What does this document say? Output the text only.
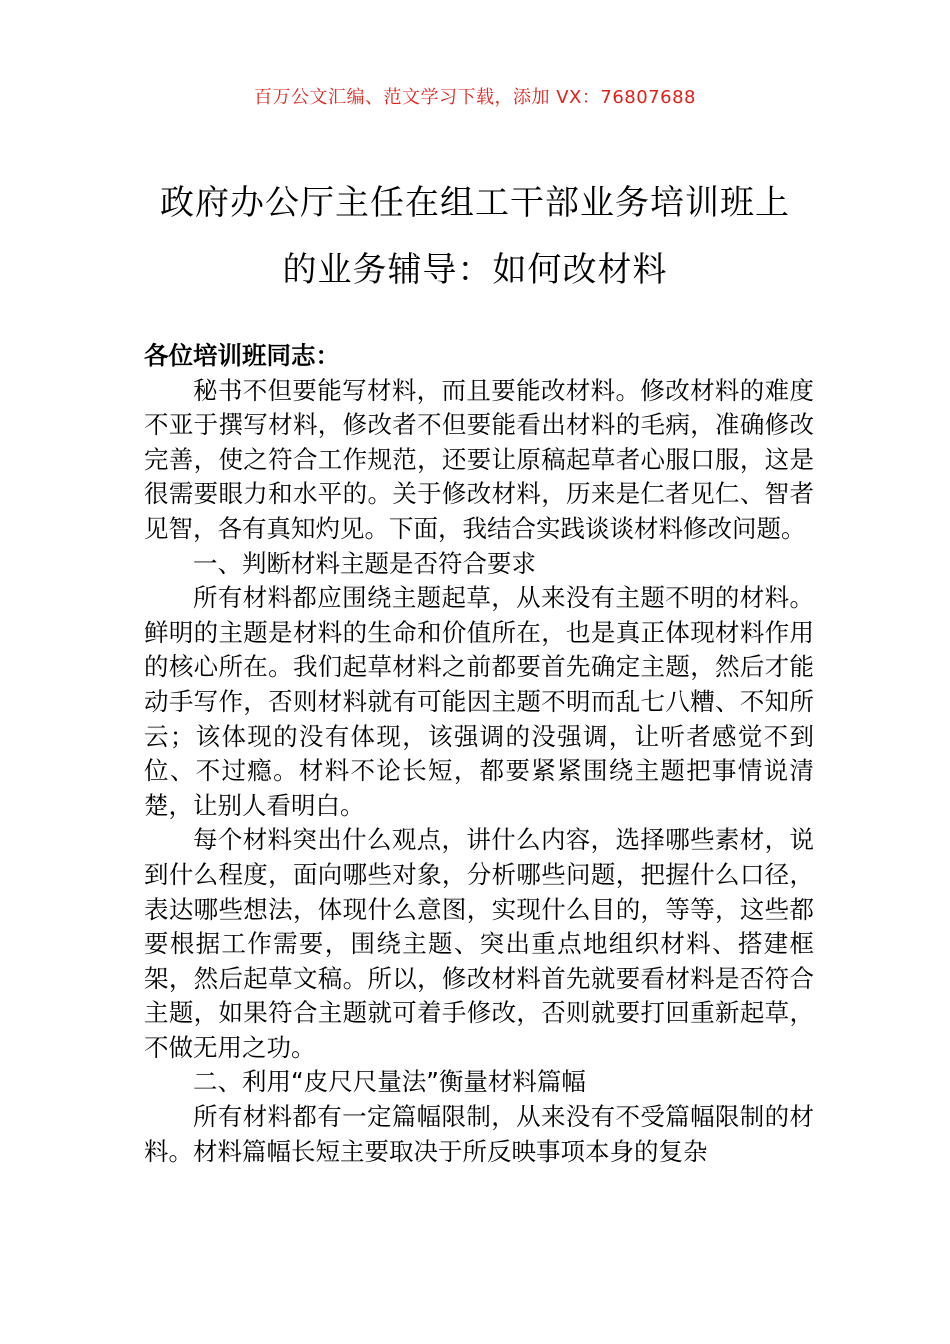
百万公文汇编、范文学习下载，添加 VX：76807688
政府办公厅主任在组工干部业务培训班上
的业务辅导：如何改材料

各位培训班同志：

秘书不但要能写材料，而且要能改材料。修改材料的难度不亚于撰写材料，修改者不但要能看出材料的毛病，准确修改完善，使之符合工作规范，还要让原稿起草者心服口服，这是很需要眼力和水平的。关于修改材料，历来是仁者见仁、智者见智，各有真知灼见。下面，我结合实践谈谈材料修改问题。

一、判断材料主题是否符合要求

所有材料都应围绕主题起草，从来没有主题不明的材料。鲜明的主题是材料的生命和价值所在，也是真正体现材料作用的核心所在。我们起草材料之前都要首先确定主题，然后才能动手写作，否则材料就有可能因主题不明而乱七八糟、不知所云；该体现的没有体现，该强调的没强调，让听者感觉不到位、不过瘾。材料不论长短，都要紧紧围绕主题把事情说清楚，让别人看明白。

每个材料突出什么观点，讲什么内容，选择哪些素材，说到什么程度，面向哪些对象，分析哪些问题，把握什么口径，表达哪些想法，体现什么意图，实现什么目的，等等，这些都要根据工作需要，围绕主题、突出重点地组织材料、搭建框架，然后起草文稿。所以，修改材料首先就要看材料是否符合主题，如果符合主题就可着手修改，否则就要打回重新起草，不做无用之功。

二、利用“皮尺尺量法”衡量材料篇幅

所有材料都有一定篇幅限制，从来没有不受篇幅限制的材料。材料篇幅长短主要取决于所反映事项本身的复杂
